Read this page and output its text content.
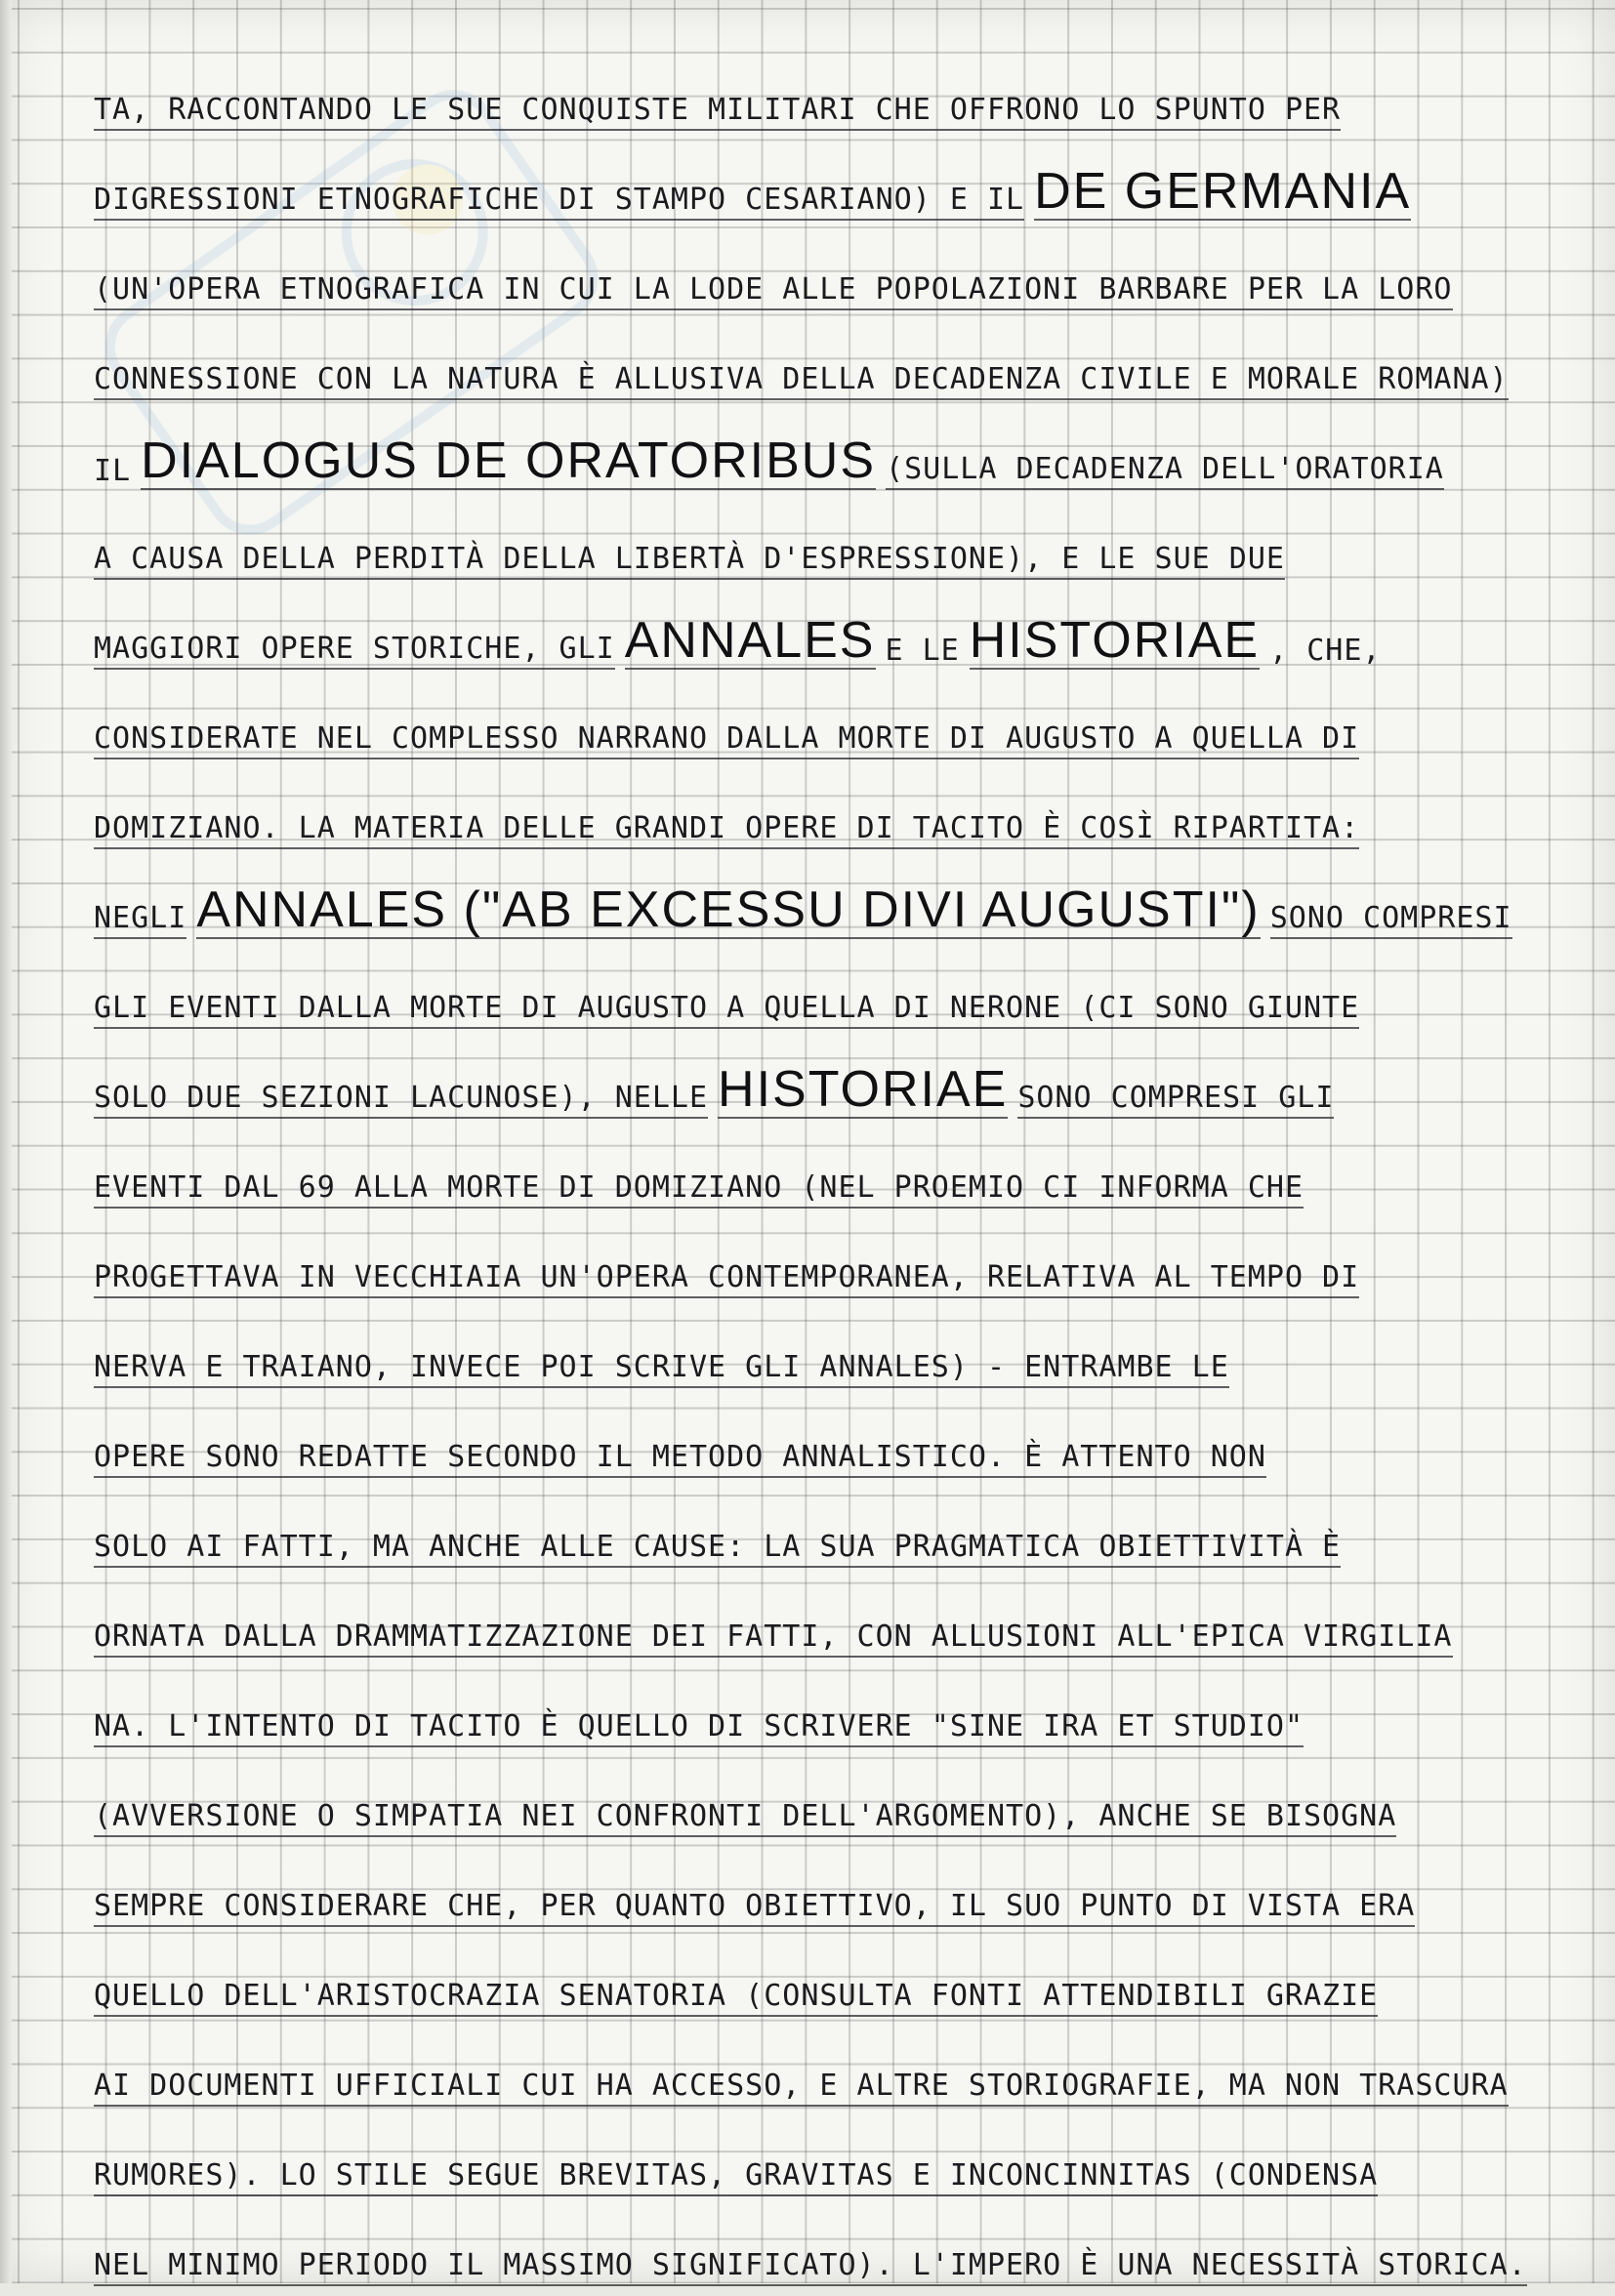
TA, RACCONTANDO LE SUE CONQUISTE MILITARI CHE OFFRONO LO SPUNTO PER
DIGRESSIONI ETNOGRAFICHE DI STAMPO CESARIANO) E IL DE GERMANIA
(UN'OPERA ETNOGRAFICA IN CUI LA LODE ALLE POPOLAZIONI BARBARE PER LA LORO
CONNESSIONE CON LA NATURA È ALLUSIVA DELLA DECADENZA CIVILE E MORALE ROMANA)
IL DIALOGUS DE ORATORIBUS (SULLA DECADENZA DELL'ORATORIA
A CAUSA DELLA PERDITÀ DELLA LIBERTÀ D'ESPRESSIONE), E LE SUE DUE
MAGGIORI OPERE STORICHE, GLI ANNALES E LE HISTORIAE , CHE,
CONSIDERATE NEL COMPLESSO NARRANO DALLA MORTE DI AUGUSTO A QUELLA DI
DOMIZIANO. LA MATERIA DELLE GRANDI OPERE DI TACITO È COSÌ RIPARTITA:
NEGLI ANNALES ("AB EXCESSU DIVI AUGUSTI") SONO COMPRESI
GLI EVENTI DALLA MORTE DI AUGUSTO A QUELLA DI NERONE (CI SONO GIUNTE
SOLO DUE SEZIONI LACUNOSE), NELLE HISTORIAE SONO COMPRESI GLI
EVENTI DAL 69 ALLA MORTE DI DOMIZIANO (NEL PROEMIO CI INFORMA CHE
PROGETTAVA IN VECCHIAIA UN'OPERA CONTEMPORANEA, RELATIVA AL TEMPO DI
NERVA E TRAIANO, INVECE POI SCRIVE GLI ANNALES) - ENTRAMBE LE
OPERE SONO REDATTE SECONDO IL METODO ANNALISTICO. È ATTENTO NON
SOLO AI FATTI, MA ANCHE ALLE CAUSE: LA SUA PRAGMATICA OBIETTIVITÀ È
ORNATA DALLA DRAMMATIZZAZIONE DEI FATTI, CON ALLUSIONI ALL'EPICA VIRGILIA
NA. L'INTENTO DI TACITO È QUELLO DI SCRIVERE "SINE IRA ET STUDIO"
(AVVERSIONE O SIMPATIA NEI CONFRONTI DELL'ARGOMENTO), ANCHE SE BISOGNA
SEMPRE CONSIDERARE CHE, PER QUANTO OBIETTIVO, IL SUO PUNTO DI VISTA ERA
QUELLO DELL'ARISTOCRAZIA SENATORIA (CONSULTA FONTI ATTENDIBILI GRAZIE
AI DOCUMENTI UFFICIALI CUI HA ACCESSO, E ALTRE STORIOGRAFIE, MA NON TRASCURA
RUMORES). LO STILE SEGUE BREVITAS, GRAVITAS E INCONCINNITAS (CONDENSA
NEL MINIMO PERIODO IL MASSIMO SIGNIFICATO). L'IMPERO È UNA NECESSITÀ STORICA.
